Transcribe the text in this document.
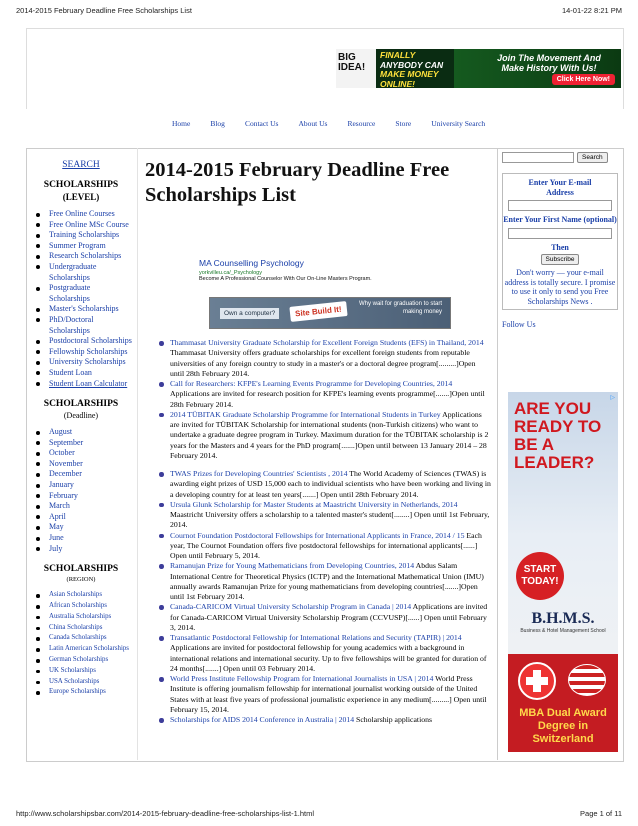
2014-2015 February Deadline Free Scholarships List	14-01-22 8:21 PM
BIG IDEA!
FINALLY
ANYBODY CAN
MAKE MONEY
ONLINE!
Join The Movement And Make History With Us!
Click Here Now!
Home	Blog	Contact Us	About Us	Resource	Store	University Search
SEARCH
SCHOLARSHIPS
(LEVEL)
Free Online Courses
Free Online MSc Course
Training Scholarships
Summer Program
Research Scholarships
Undergraduate Scholarships
Postgraduate Scholarships
Master's Scholarships
PhD/Doctoral Scholarships
Postdoctoral Scholarships
Fellowship Scholarships
University Scholarships
Student Loan
Student Loan Calculator
SCHOLARSHIPS
(Deadline)
August
September
October
November
December
January
February
March
April
May
June
July
SCHOLARSHIPS
(REGION)
Asian Scholarships
African Scholarships
Australia Scholarships
China Scholarships
Canada Scholarships
Latin American Scholarships
German Scholarships
UK Scholarships
USA Scholarships
Europe Scholarships
2014-2015 February Deadline Free Scholarships List
MA Counselling Psychology
yorkvilleu.ca/_Psychology
Become A Professional Counselor With Our On-Line Masters Program.
Own a computer?	Site Build It!
Why wait for graduation to start making money

Thammasat University Graduate Scholarship for Excellent Foreign Students (EFS) in Thailand, 2014 Thammasat University offers graduate scholarships for excellent foreign students from reputable universities of any foreign country to study in a master's or a doctoral degree program[.........]Open until 28th February 2014.

Call for Researchers: KFPE's Learning Events Programme for Developing Countries, 2014 Applications are invited for research position for KFPE's learning events programme[.......]Open until 28th February 2014.

2014 TÜBITAK Graduate Scholarship Programme for International Students in Turkey Applications are invited for TÜBITAK Scholarship for international students (non-Turkish citizens) who want to undertake a graduate degree program in Turkey. Maximum duration for the TÜBITAK scholarship is 2 years for the Masters and 4 years for the PhD program[.......]Open until between 13 January 2014 – 28 February 2014.

TWAS Prizes for Developing Countries' Scientists , 2014 The World Academy of Sciences (TWAS) is awarding eight prizes of USD 15,000 each to individual scientists who have been working and living in a developing country for at least ten years[.......] Open until 28th February 2014.

Ursula Glunk Scholarship for Master Students at Maastricht University in Netherlands, 2014 Maastricht University offers a scholarship to a talented master's student[........] Open until 1st February, 2014.

Cournot Foundation Postdoctoral Fellowships for International Applicants in France, 2014 / 15 Each year, The Cournot Foundation offers five postdoctoral fellowships for international applicants[......] Open until February 5, 2014.

Ramanujan Prize for Young Mathematicians from Developing Countries, 2014 Abdus Salam International Centre for Theoretical Physics (ICTP) and the International Mathematical Union (IMU) annually awards Ramanujan Prize for young mathematicians from developing countries[.......]Open until 1st February 2014.

Canada-CARICOM Virtual University Scholarship Program in Canada | 2014 Applications are invited for Canada-CARICOM Virtual University Scholarship Program (CCVUSP)[......] Open until February 3, 2014.

Transatlantic Postdoctoral Fellowship for International Relations and Security (TAPIR) | 2014 Applications are invited for postdoctoral fellowship for young academics with a background in international relations and international security. Up to five fellowships will be granted for duration of 24 months[.......] Open until 03 February 2014.

World Press Institute Fellowship Program for International Journalists in USA | 2014 World Press Institute is offering journalism fellowship for international journalist working outside of the United States with at least five years of professional journalistic experience in any medium[.........] Open until February 15, 2014.

Scholarships for AIDS 2014 Conference in Australia | 2014 Scholarship applications

Search
Enter Your E-mail Address
Enter Your First Name (optional)
Then
Subscribe
Don't worry — your e-mail address is totally secure. I promise to use it only to send you Free Scholarships News .
Follow Us
▷
ARE YOU READY TO BE A LEADER?
START TODAY!
B.H.M.S.
Business & Hotel Management School
MBA Dual Award Degree in Switzerland
http://www.scholarshipsbar.com/2014-2015-february-deadline-free-scholarships-list-1.html	Page 1 of 11
